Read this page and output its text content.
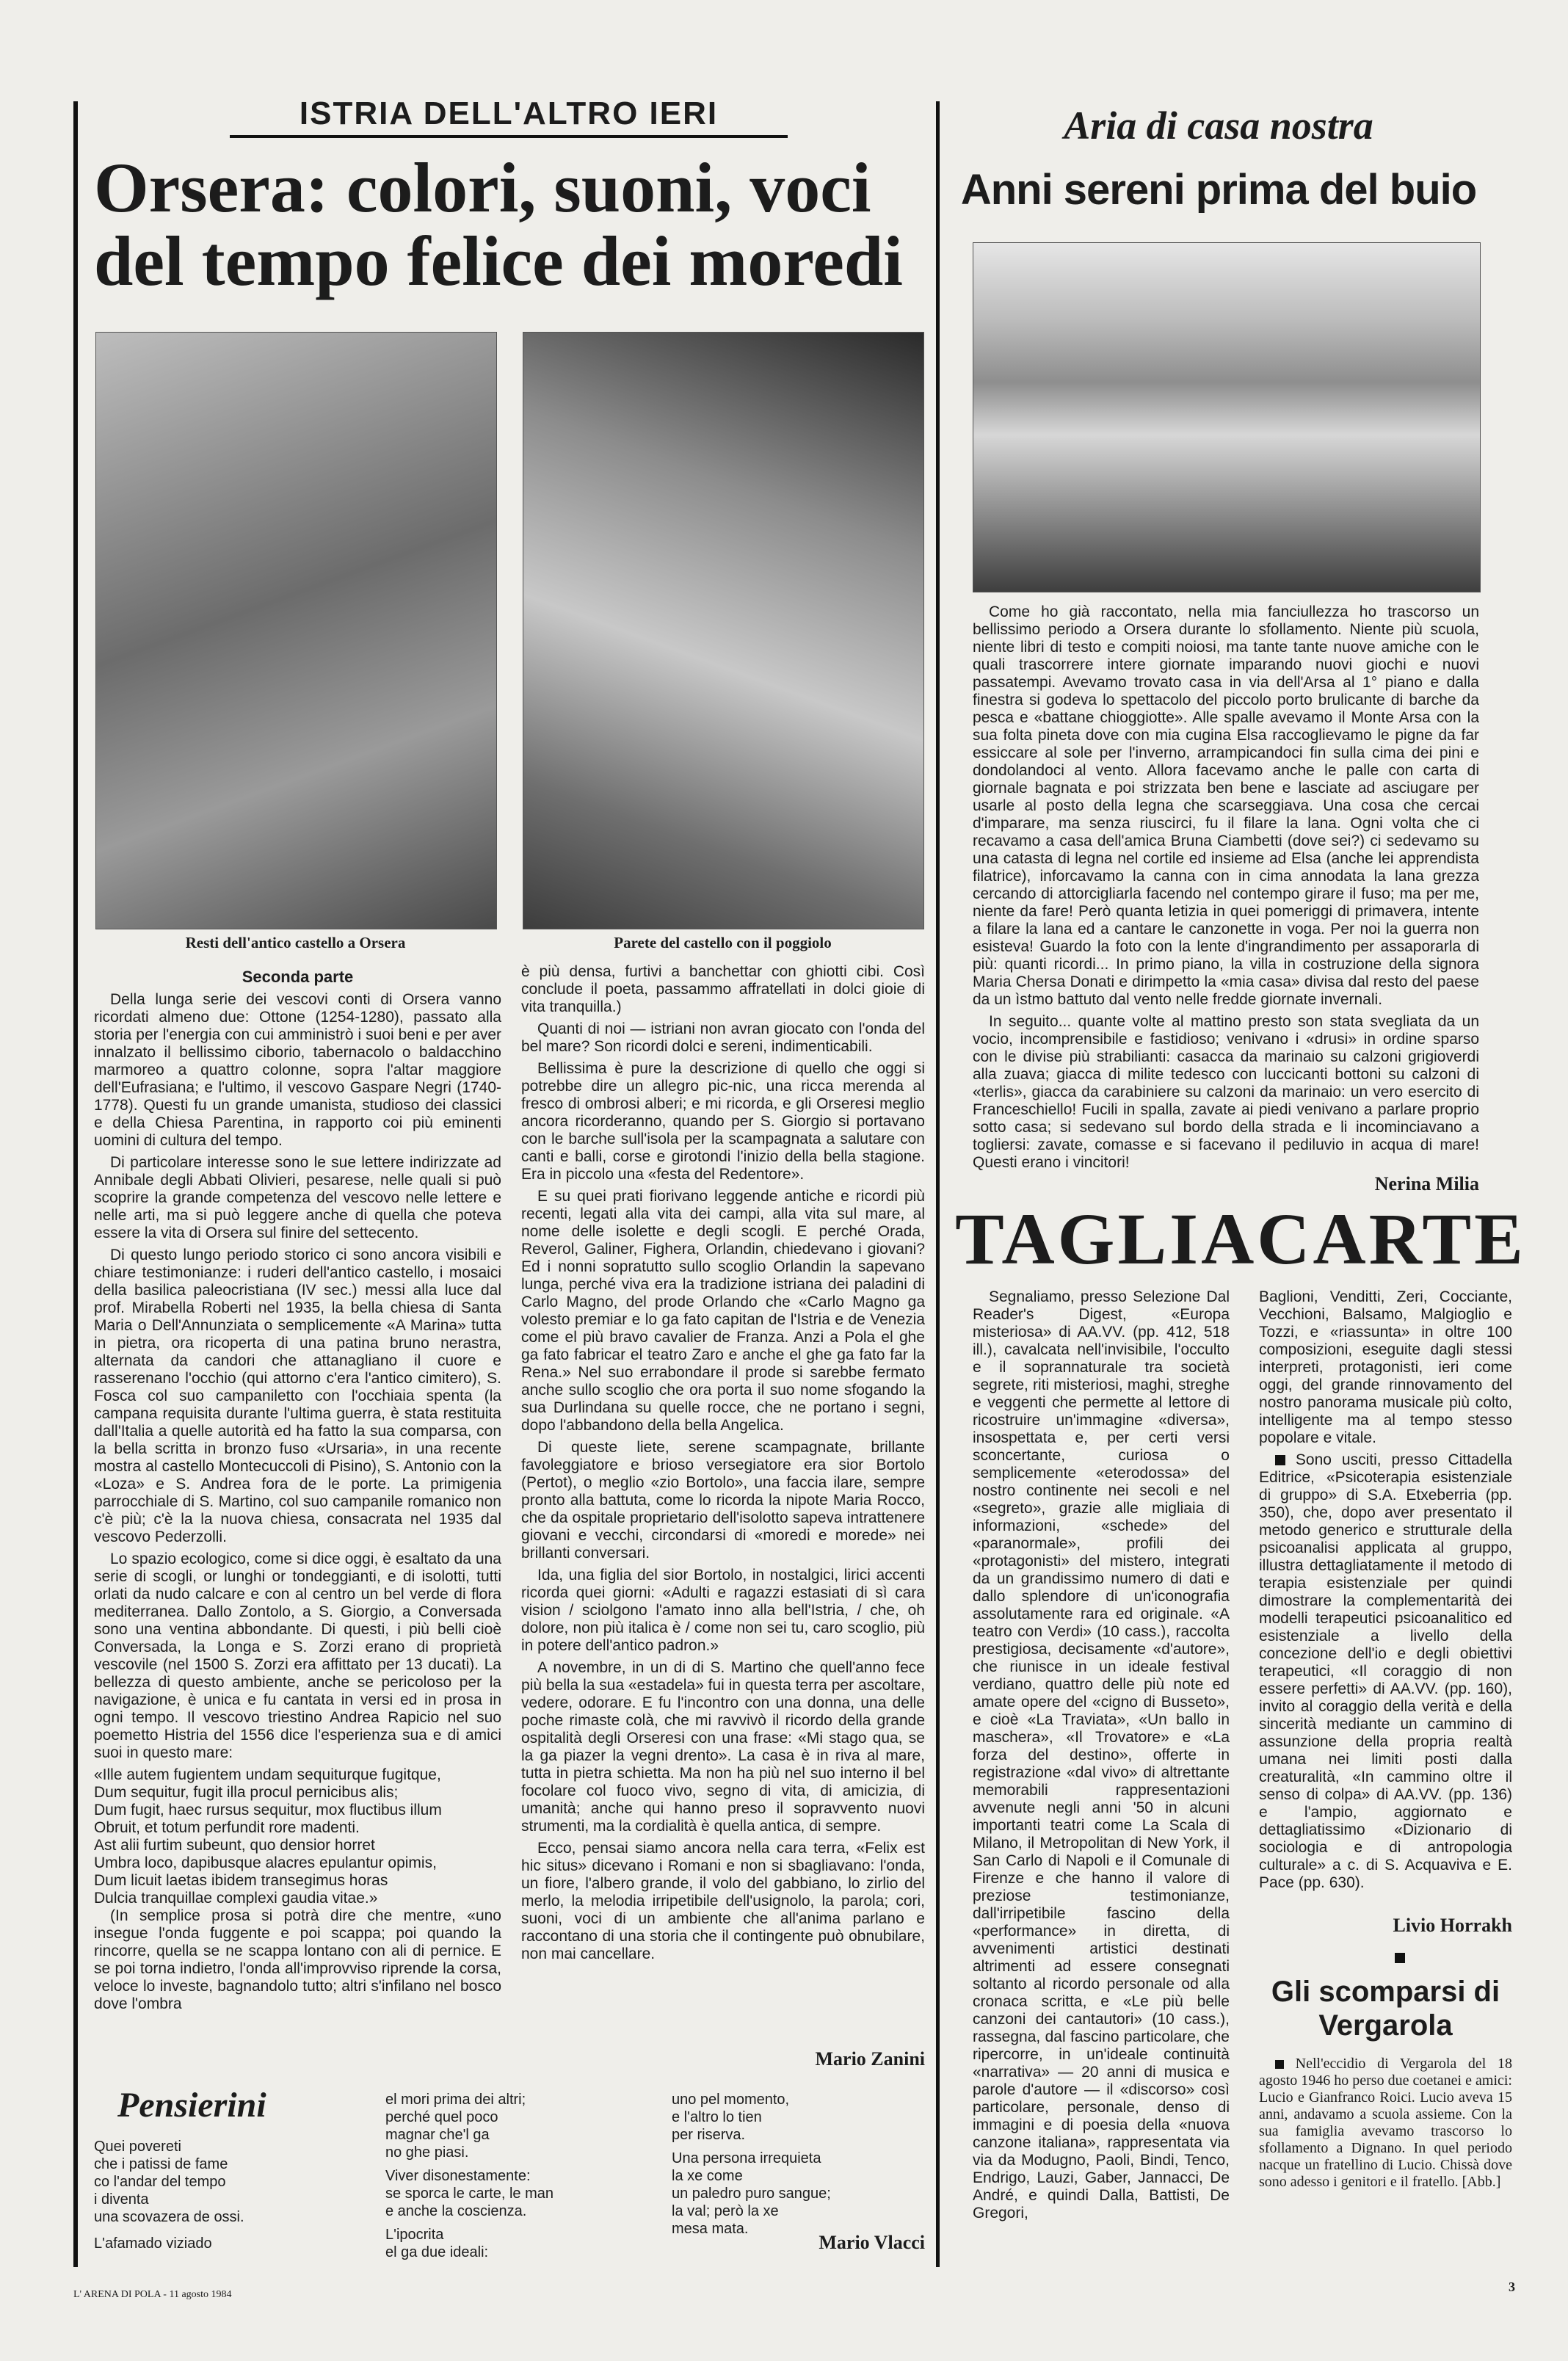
ISTRIA DELL'ALTRO IERI
Orsera: colori, suoni, voci
del tempo felice dei moredi
Resti dell'antico castello a Orsera	Parete del castello con il poggiolo
Seconda parte

Della lunga serie dei vescovi conti di Orsera vanno ricordati almeno due: Ottone (1254-1280), passato alla storia per l'energia con cui amministrò i suoi beni e per aver innalzato il bellissimo ciborio, tabernacolo o baldacchino marmoreo a quattro colonne, sopra l'altar maggiore dell'Eufrasiana; e l'ultimo, il vescovo Gaspare Negri (1740-1778). Questi fu un grande umanista, studioso dei classici e della Chiesa Parentina, in rapporto coi più eminenti uomini di cultura del tempo.

Di particolare interesse sono le sue lettere indirizzate ad Annibale degli Abbati Olivieri, pesarese, nelle quali si può scoprire la grande competenza del vescovo nelle lettere e nelle arti, ma si può leggere anche di quella che poteva essere la vita di Orsera sul finire del settecento.

Di questo lungo periodo storico ci sono ancora visibili e chiare testimonianze: i ruderi dell'antico castello, i mosaici della basilica paleocristiana (IV sec.) messi alla luce dal prof. Mirabella Roberti nel 1935, la bella chiesa di Santa Maria o Dell'Annunziata o semplicemente «A Marina» tutta in pietra, ora ricoperta di una patina bruno nerastra, alternata da candori che attanagliano il cuore e rasserenano l'occhio (qui attorno c'era l'antico cimitero), S. Fosca col suo campaniletto con l'occhiaia spenta (la campana requisita durante l'ultima guerra, è stata restituita dall'Italia a quelle autorità ed ha fatto la sua comparsa, con la bella scritta in bronzo fuso «Ursaria», in una recente mostra al castello Montecuccoli di Pisino), S. Antonio con la «Loza» e S. Andrea fora de le porte. La primigenia parrocchiale di S. Martino, col suo campanile romanico non c'è più; c'è la la nuova chiesa, consacrata nel 1935 dal vescovo Pederzolli.

Lo spazio ecologico, come si dice oggi, è esaltato da una serie di scogli, or lunghi or tondeggianti, e di isolotti, tutti orlati da nudo calcare e con al centro un bel verde di flora mediterranea. Dallo Zontolo, a S. Giorgio, a Conversada sono una ventina abbondante. Di questi, i più belli cioè Conversada, la Longa e S. Zorzi erano di proprietà vescovile (nel 1500 S. Zorzi era affittato per 13 ducati). La bellezza di questo ambiente, anche se pericoloso per la navigazione, è unica e fu cantata in versi ed in prosa in ogni tempo. Il vescovo triestino Andrea Rapicio nel suo poemetto Histria del 1556 dice l'esperienza sua e di amici suoi in questo mare:

«Ille autem fugientem undam sequiturque fugitque,
Dum sequitur, fugit illa procul pernicibus alis;
Dum fugit, haec rursus sequitur, mox fluctibus illum
Obruit, et totum perfundit rore madenti.
Ast alii furtim subeunt, quo densior horret
Umbra loco, dapibusque alacres epulantur opimis,
Dum licuit laetas ibidem transegimus horas
Dulcia tranquillae complexi gaudia vitae.»

(In semplice prosa si potrà dire che mentre, «uno insegue l'onda fuggente e poi scappa; poi quando la rincorre, quella se ne scappa lontano con ali di pernice. E se poi torna indietro, l'onda all'improvviso riprende la corsa, veloce lo investe, bagnandolo tutto; altri s'infilano nel bosco dove l'ombra

è più densa, furtivi a banchettar con ghiotti cibi. Così conclude il poeta, passammo affratellati in dolci gioie di vita tranquilla.)

Quanti di noi — istriani non avran giocato con l'onda del bel mare? Son ricordi dolci e sereni, indimenticabili.

Bellissima è pure la descrizione di quello che oggi si potrebbe dire un allegro pic-nic, una ricca merenda al fresco di ombrosi alberi; e mi ricorda, e gli Orseresi meglio ancora ricorderanno, quando per S. Giorgio si portavano con le barche sull'isola per la scampagnata a salutare con canti e balli, corse e girotondi l'inizio della bella stagione. Era in piccolo una «festa del Redentore».

E su quei prati fiorivano leggende antiche e ricordi più recenti, legati alla vita dei campi, alla vita sul mare, al nome delle isolette e degli scogli. E perché Orada, Reverol, Galiner, Fighera, Orlandin, chiedevano i giovani? Ed i nonni sopratutto sullo scoglio Orlandin la sapevano lunga, perché viva era la tradizione istriana dei paladini di Carlo Magno, del prode Orlando che «Carlo Magno ga volesto premiar e lo ga fato capitan de l'Istria e de Venezia come el più bravo cavalier de Franza. Anzi a Pola el ghe ga fato fabricar el teatro Zaro e anche el ghe ga fato far la Rena.» Nel suo errabondare il prode si sarebbe fermato anche sullo scoglio che ora porta il suo nome sfogando la sua Durlindana su quelle rocce, che ne portano i segni, dopo l'abbandono della bella Angelica.

Di queste liete, serene scampagnate, brillante favoleggiatore e brioso versegiatore era sior Bortolo (Pertot), o meglio «zio Bortolo», una faccia ilare, sempre pronto alla battuta, come lo ricorda la nipote Maria Rocco, che da ospitale proprietario dell'isolotto sapeva intrattenere giovani e vecchi, circondarsi di «moredi e morede» nei brillanti conversari.

Ida, una figlia del sior Bortolo, in nostalgici, lirici accenti ricorda quei giorni: «Adulti e ragazzi estasiati di sì cara vision / sciolgono l'amato inno alla bell'Istria, / che, oh dolore, non più italica è / come non sei tu, caro scoglio, più in potere dell'antico padron.»

A novembre, in un di di S. Martino che quell'anno fece più bella la sua «estadela» fui in questa terra per ascoltare, vedere, odorare. E fu l'incontro con una donna, una delle poche rimaste colà, che mi ravvivò il ricordo della grande ospitalità degli Orseresi con una frase: «Mi stago qua, se la ga piazer la vegni drento». La casa è in riva al mare, tutta in pietra schietta. Ma non ha più nel suo interno il bel focolare col fuoco vivo, segno di vita, di amicizia, di umanità; anche qui hanno preso il sopravvento nuovi strumenti, ma la cordialità è quella antica, di sempre.

Ecco, pensai siamo ancora nella cara terra, «Felix est hic situs» dicevano i Romani e non si sbagliavano: l'onda, un fiore, l'albero grande, il volo del gabbiano, lo zirlio del merlo, la melodia irripetibile dell'usignolo, la parola; cori, suoni, voci di un ambiente che all'anima parlano e raccontano di una storia che il contingente può obnubilare, non mai cancellare.

Mario Zanini
Pensierini
Quei povereti
che i patissi de fame
co l'andar del tempo
i diventa
una scovazera de ossi.
L'afamado viziado
el mori prima dei altri;
perché quel poco
magnar che'l ga
no ghe piasi.
Viver disonestamente:
se sporca le carte, le man
e anche la coscienza.
L'ipocrita
el ga due ideali:
uno pel momento,
e l'altro lo tien
per riserva.
Una persona irrequieta
la xe come
un paledro puro sangue;
la val; però la xe
mesa mata.
Mario Vlacci
Aria di casa nostra
Anni sereni prima del buio

Come ho già raccontato, nella mia fanciullezza ho trascorso un bellissimo periodo a Orsera durante lo sfollamento. Niente più scuola, niente libri di testo e compiti noiosi, ma tante tante nuove amiche con le quali trascorrere intere giornate imparando nuovi giochi e nuovi passatempi. Avevamo trovato casa in via dell'Arsa al 1° piano e dalla finestra si godeva lo spettacolo del piccolo porto brulicante di barche da pesca e «battane chioggiotte». Alle spalle avevamo il Monte Arsa con la sua folta pineta dove con mia cugina Elsa raccoglievamo le pigne da far essiccare al sole per l'inverno, arrampicandoci fin sulla cima dei pini e dondolandoci al vento. Allora facevamo anche le palle con carta di giornale bagnata e poi strizzata ben bene e lasciate ad asciugare per usarle al posto della legna che scarseggiava. Una cosa che cercai d'imparare, ma senza riuscirci, fu il filare la lana. Ogni volta che ci recavamo a casa dell'amica Bruna Ciambetti (dove sei?) ci sedevamo su una catasta di legna nel cortile ed insieme ad Elsa (anche lei apprendista filatrice), inforcavamo la canna con in cima annodata la lana grezza cercando di attorcigliarla facendo nel contempo girare il fuso; ma per me, niente da fare! Però quanta letizia in quei pomeriggi di primavera, intente a filare la lana ed a cantare le canzonette in voga. Per noi la guerra non esisteva! Guardo la foto con la lente d'ingrandimento per assaporarla di più: quanti ricordi... In primo piano, la villa in costruzione della signora Maria Chersa Donati e dirimpetto la «mia casa» divisa dal resto del paese da un ìstmo battuto dal vento nelle fredde giornate invernali.

In seguito... quante volte al mattino presto son stata svegliata da un vocio, incomprensibile e fastidioso; venivano i «drusi» in ordine sparso con le divise più strabilianti: casacca da marinaio su calzoni grigioverdi alla zuava; giacca di milite tedesco con luccicanti bottoni su calzoni di «terlis», giacca da carabiniere su calzoni da marinaio: un vero esercito di Franceschiello! Fucili in spalla, zavate ai piedi venivano a parlare proprio sotto casa; si sedevano sul bordo della strada e li incominciavano a togliersi: zavate, comasse e si facevano il pediluvio in acqua di mare! Questi erano i vincitori!

Nerina Milia
TAGLIACARTE

Segnaliamo, presso Selezione Dal Reader's Digest, «Europa misteriosa» di AA.VV. (pp. 412, 518 ill.), cavalcata nell'invisibile, l'occulto e il soprannaturale tra società segrete, riti misteriosi, maghi, streghe e veggenti che permette al lettore di ricostruire un'immagine «diversa», insospettata e, per certi versi sconcertante, curiosa o semplicemente «eterodossa» del nostro continente nei secoli e nel «segreto», grazie alle migliaia di informazioni, «schede» del «paranormale», profili dei «protagonisti» del mistero, integrati da un grandissimo numero di dati e dallo splendore di un'iconografia assolutamente rara ed originale. «A teatro con Verdi» (10 cass.), raccolta prestigiosa, decisamente «d'autore», che riunisce in un ideale festival verdiano, quattro delle più note ed amate opere del «cigno di Busseto», e cioè «La Traviata», «Un ballo in maschera», «Il Trovatore» e «La forza del destino», offerte in registrazione «dal vivo» di altrettante memorabili rappresentazioni avvenute negli anni '50 in alcuni importanti teatri come La Scala di Milano, il Metropolitan di New York, il San Carlo di Napoli e il Comunale di Firenze e che hanno il valore di preziose testimonianze, dall'irripetibile fascino della «performance» in diretta, di avvenimenti artistici destinati altrimenti ad essere consegnati soltanto al ricordo personale od alla cronaca scritta, e «Le più belle canzoni dei cantautori» (10 cass.), rassegna, dal fascino particolare, che ripercorre, in un'ideale continuità «narrativa» — 20 anni di musica e parole d'autore — il «discorso» così particolare, personale, denso di immagini e di poesia della «nuova canzone italiana», rappresentata via via da Modugno, Paoli, Bindi, Tenco, Endrigo, Lauzi, Gaber, Jannacci, De André, e quindi Dalla, Battisti, De Gregori,

Baglioni, Venditti, Zeri, Cocciante, Vecchioni, Balsamo, Malgioglio e Tozzi, e «riassunta» in oltre 100 composizioni, eseguite dagli stessi interpreti, protagonisti, ieri come oggi, del grande rinnovamento del nostro panorama musicale più colto, intelligente ma al tempo stesso popolare e vitale.

Sono usciti, presso Cittadella Editrice, «Psicoterapia esistenziale di gruppo» di S.A. Etxeberria (pp. 350), che, dopo aver presentato il metodo generico e strutturale della psicoanalisi applicata al gruppo, illustra dettagliatamente il metodo di terapia esistenziale per quindi dimostrare la complementarità dei modelli terapeutici psicoanalitico ed esistenziale a livello della concezione dell'io e degli obiettivi terapeutici, «Il coraggio di non essere perfetti» di AA.VV. (pp. 160), invito al coraggio della verità e della sincerità mediante un cammino di assunzione della propria realtà umana nei limiti posti dalla creaturalità, «In cammino oltre il senso di colpa» di AA.VV. (pp. 136) e l'ampio, aggiornato e dettagliatissimo «Dizionario di sociologia e di antropologia culturale» a c. di S. Acquaviva e E. Pace (pp. 630).

Livio Horrakh
Gli scomparsi di Vergarola

Nell'eccidio di Vergarola del 18 agosto 1946 ho perso due coetanei e amici: Lucio e Gianfranco Roici. Lucio aveva 15 anni, andavamo a scuola assieme. Con la sua famiglia avevamo trascorso lo sfollamento a Dignano. In quel periodo nacque un fratellino di Lucio. Chissà dove sono adesso i genitori e il fratello. [Abb.]

L' ARENA DI POLA - 11 agosto 1984
3
